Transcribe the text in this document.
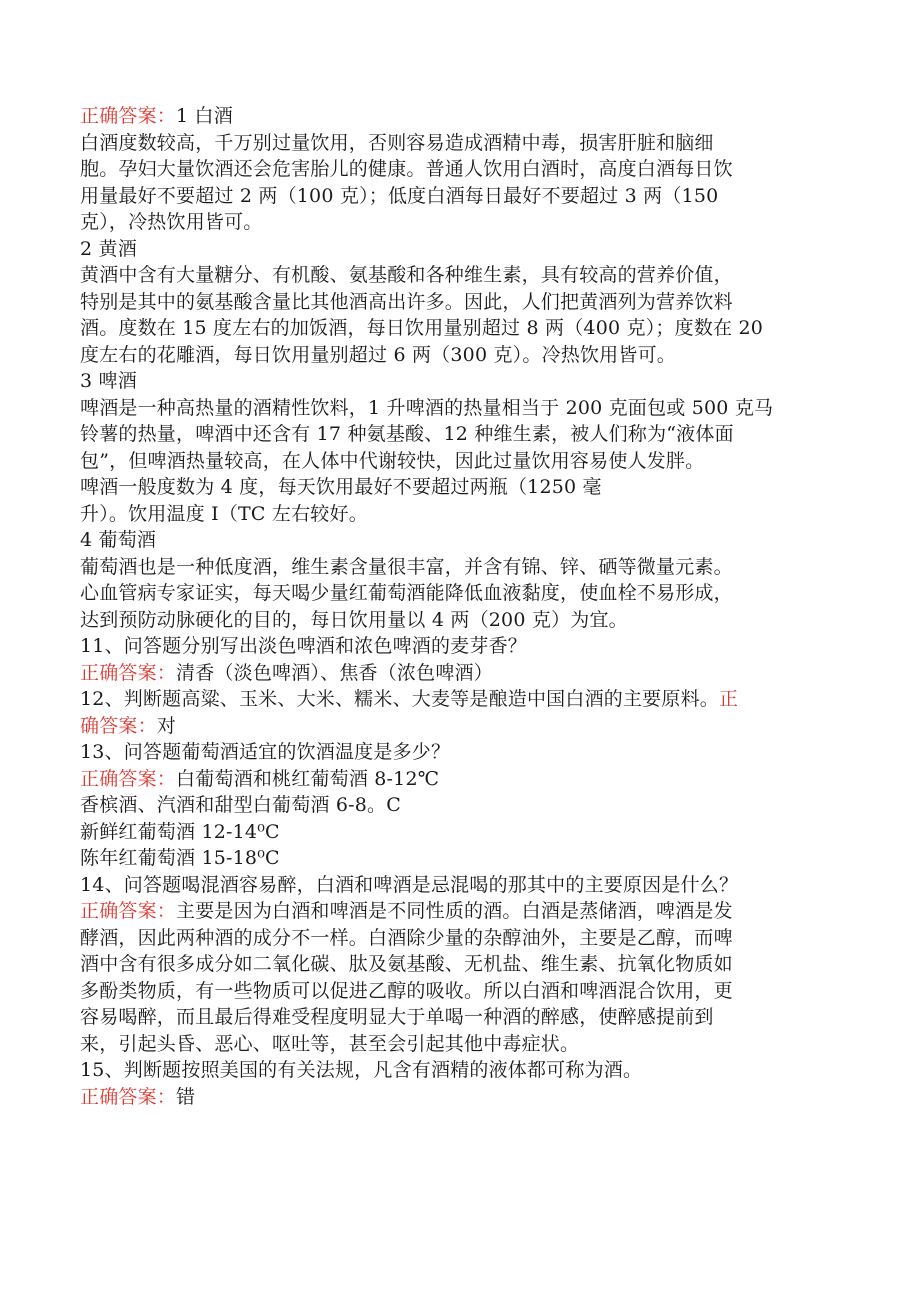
正确答案：1 白酒
白酒度数较高，千万别过量饮用，否则容易造成酒精中毒，损害肝脏和脑细
胞。孕妇大量饮酒还会危害胎儿的健康。普通人饮用白酒时，高度白酒每日饮
用量最好不要超过 2 两（100 克）；低度白酒每日最好不要超过 3 两（150
克），冷热饮用皆可。
2 黄酒
黄酒中含有大量糖分、有机酸、氨基酸和各种维生素，具有较高的营养价值，
特别是其中的氨基酸含量比其他酒高出许多。因此，人们把黄酒列为营养饮料
酒。度数在 15 度左右的加饭酒，每日饮用量别超过 8 两（400 克）；度数在 20
度左右的花雕酒，每日饮用量别超过 6 两（300 克）。冷热饮用皆可。
3 啤酒
啤酒是一种高热量的酒精性饮料，1 升啤酒的热量相当于 200 克面包或 500 克马
铃薯的热量，啤酒中还含有 17 种氨基酸、12 种维生素，被人们称为“液体面
包”，但啤酒热量较高，在人体中代谢较快，因此过量饮用容易使人发胖。
啤酒一般度数为 4 度，每天饮用最好不要超过两瓶（1250 毫
升）。饮用温度 I（TC 左右较好。
4 葡萄酒
葡萄酒也是一种低度酒，维生素含量很丰富，并含有锦、锌、硒等微量元素。
心血管病专家证实，每天喝少量红葡萄酒能降低血液黏度，使血栓不易形成，
达到预防动脉硬化的目的，每日饮用量以 4 两（200 克）为宜。
11、问答题分别写出淡色啤酒和浓色啤酒的麦芽香？
正确答案：清香（淡色啤酒）、焦香（浓色啤酒）
12、判断题高粱、玉米、大米、糯米、大麦等是酿造中国白酒的主要原料。正
确答案：对
13、问答题葡萄酒适宜的饮酒温度是多少？
正确答案：白葡萄酒和桃红葡萄酒 8-12℃
香槟酒、汽酒和甜型白葡萄酒 6-8。C
新鲜红葡萄酒 12-14⁰C
陈年红葡萄酒 15-18⁰C
14、问答题喝混酒容易醉，白酒和啤酒是忌混喝的那其中的主要原因是什么？
正确答案：主要是因为白酒和啤酒是不同性质的酒。白酒是蒸储酒，啤酒是发
酵酒，因此两种酒的成分不一样。白酒除少量的杂醇油外，主要是乙醇，而啤
酒中含有很多成分如二氧化碳、肽及氨基酸、无机盐、维生素、抗氧化物质如
多酚类物质，有一些物质可以促进乙醇的吸收。所以白酒和啤酒混合饮用，更
容易喝醉，而且最后得难受程度明显大于单喝一种酒的醉感，使醉感提前到
来，引起头昏、恶心、呕吐等，甚至会引起其他中毒症状。
15、判断题按照美国的有关法规，凡含有酒精的液体都可称为酒。
正确答案：错
